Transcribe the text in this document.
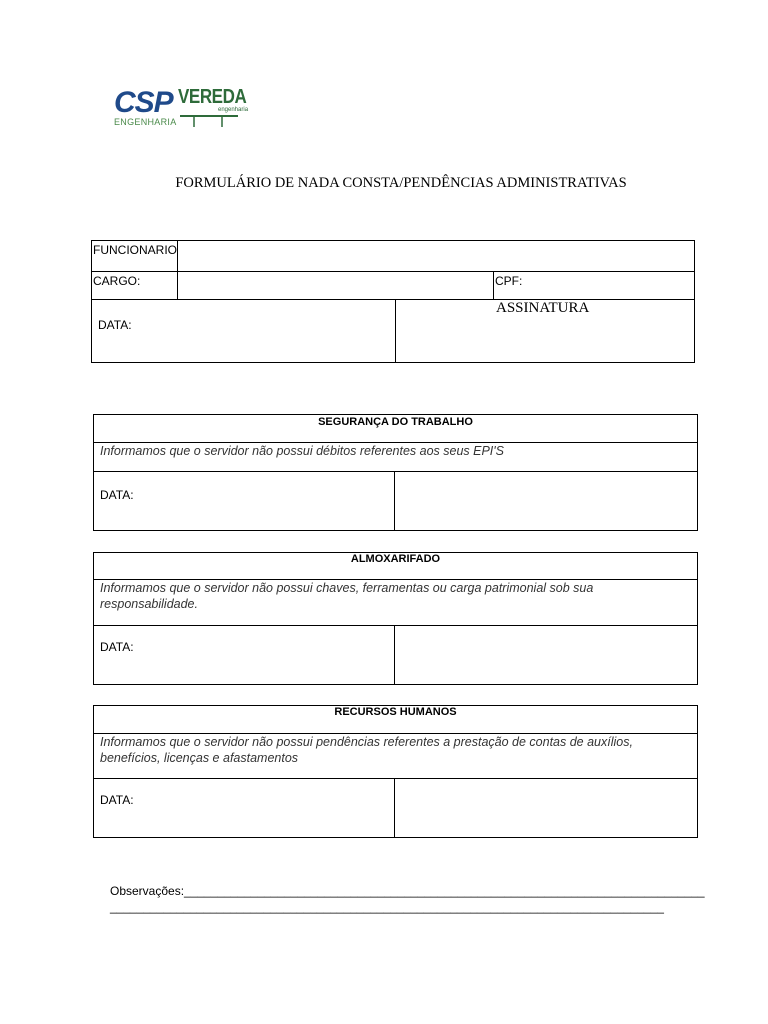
CSP
ENGENHARIA
VEREDA
engenharia
FORMULÁRIO DE NADA CONSTA/PENDÊNCIAS ADMINISTRATIVAS
FUNCIONARIO
CARGO:	CPF:
DATA:
ASSINATURA
SEGURANÇA DO TRABALHO
Informamos que o servidor não possui débitos referentes aos seus EPI'S
DATA:
ALMOXARIFADO
Informamos que o servidor não possui chaves, ferramentas ou carga patrimonial sob sua responsabilidade.
DATA:
RECURSOS HUMANOS
Informamos que o servidor não possui pendências referentes a prestação de contas de auxílios, benefícios, licenças e afastamentos
DATA:
Observações:______________________________________________________________________________
___________________________________________________________________________________
